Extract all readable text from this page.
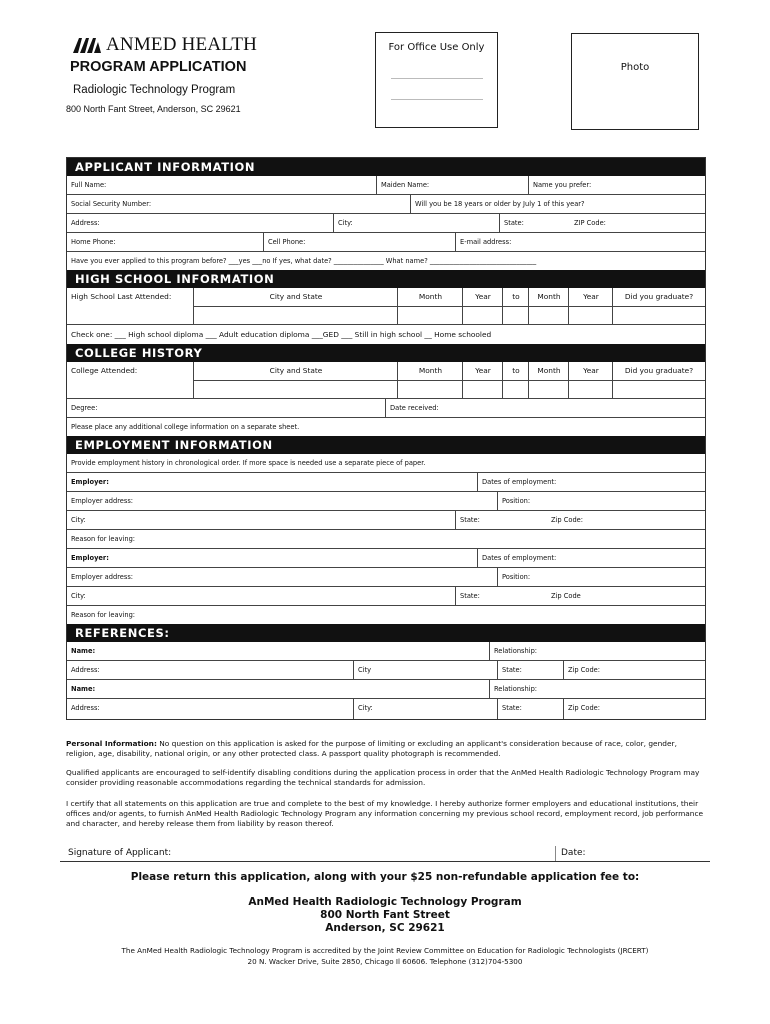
ANMED HEALTH
PROGRAM APPLICATION
Radiologic Technology Program
800 North Fant Street, Anderson, SC 29621
For Office Use Only
Photo
APPLICANT INFORMATION
Full Name:	Maiden Name:	Name you prefer:
Social Security Number:	Will you be 18 years or older by July 1 of this year?
Address:	City:	State:	ZIP Code:
Home Phone:	Cell Phone:	E-mail address:
Have you ever applied to this program before? ___yes ___no If yes, what date? _______________ What name? ________________________________
HIGH SCHOOL INFORMATION
High School Last Attended:	City and State	Month	Year	to	Month	Year	Did you graduate?
Check one: ___ High school diploma ___ Adult education diploma ___GED ___ Still in high school __ Home schooled
COLLEGE HISTORY
College Attended:	City and State	Month	Year	to	Month	Year	Did you graduate?
Degree:	Date received:
Please place any additional college information on a separate sheet.
EMPLOYMENT INFORMATION
Provide employment history in chronological order. If more space is needed use a separate piece of paper.
Employer:	Dates of employment:
Employer address:	Position:
City:	State:	Zip Code:
Reason for leaving:
Employer:	Dates of employment:
Employer address:	Position:
City:	State:	Zip Code
Reason for leaving:
REFERENCES:
Name:	Relationship:
Address:	City	State:	Zip Code:
Name:	Relationship:
Address:	City:	State:	Zip Code:
Personal Information: No question on this application is asked for the purpose of limiting or excluding an applicant's consideration because of race, color, gender, religion, age, disability, national origin, or any other protected class. A passport quality photograph is recommended.
Qualified applicants are encouraged to self-identify disabling conditions during the application process in order that the AnMed Health Radiologic Technology Program may consider providing reasonable accommodations regarding the technical standards for admission.
I certify that all statements on this application are true and complete to the best of my knowledge. I hereby authorize former employers and educational institutions, their offices and/or agents, to furnish AnMed Health Radiologic Technology Program any information concerning my previous school record, employment record, job performance and character, and hereby release them from liability by reason thereof.
Signature of Applicant:	Date:
Please return this application, along with your $25 non-refundable application fee to:
AnMed Health Radiologic Technology Program
800 North Fant Street
Anderson, SC 29621
The AnMed Health Radiologic Technology Program is accredited by the Joint Review Committee on Education for Radiologic Technologists (JRCERT)
20 N. Wacker Drive, Suite 2850, Chicago Il 60606. Telephone (312)704-5300
